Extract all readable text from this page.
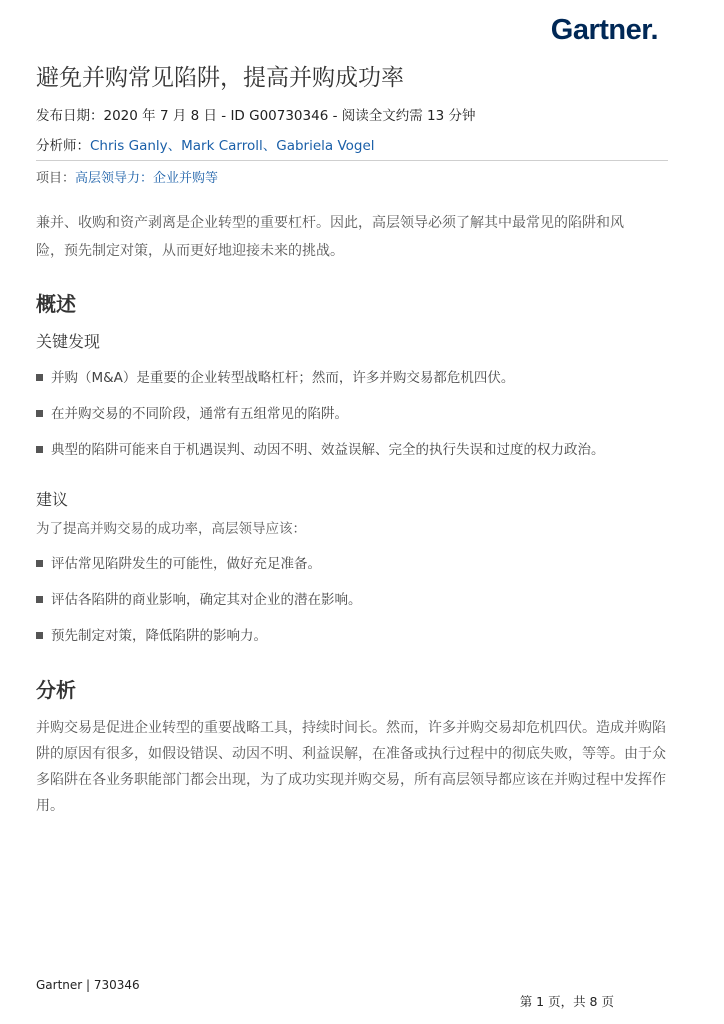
Gartner.
避免并购常见陷阱，提高并购成功率
发布日期：2020 年 7 月 8 日 - ID G00730346 - 阅读全文约需 13 分钟
分析师：Chris Ganly、Mark Carroll、Gabriela Vogel
项目：高层领导力：企业并购等
兼并、收购和资产剥离是企业转型的重要杠杆。因此，高层领导必须了解其中最常见的陷阱和风险，预先制定对策，从而更好地迎接未来的挑战。
概述
关键发现
并购（M&A）是重要的企业转型战略杠杆；然而，许多并购交易都危机四伏。
在并购交易的不同阶段，通常有五组常见的陷阱。
典型的陷阱可能来自于机遇误判、动因不明、效益误解、完全的执行失误和过度的权力政治。
建议
为了提高并购交易的成功率，高层领导应该：
评估常见陷阱发生的可能性，做好充足准备。
评估各陷阱的商业影响，确定其对企业的潜在影响。
预先制定对策，降低陷阱的影响力。
分析
并购交易是促进企业转型的重要战略工具，持续时间长。然而，许多并购交易却危机四伏。造成并购陷阱的原因有很多，如假设错误、动因不明、利益误解，在准备或执行过程中的彻底失败，等等。由于众多陷阱在各业务职能部门都会出现，为了成功实现并购交易，所有高层领导都应该在并购过程中发挥作用。
Gartner | 730346
第 1 页，共 8 页
